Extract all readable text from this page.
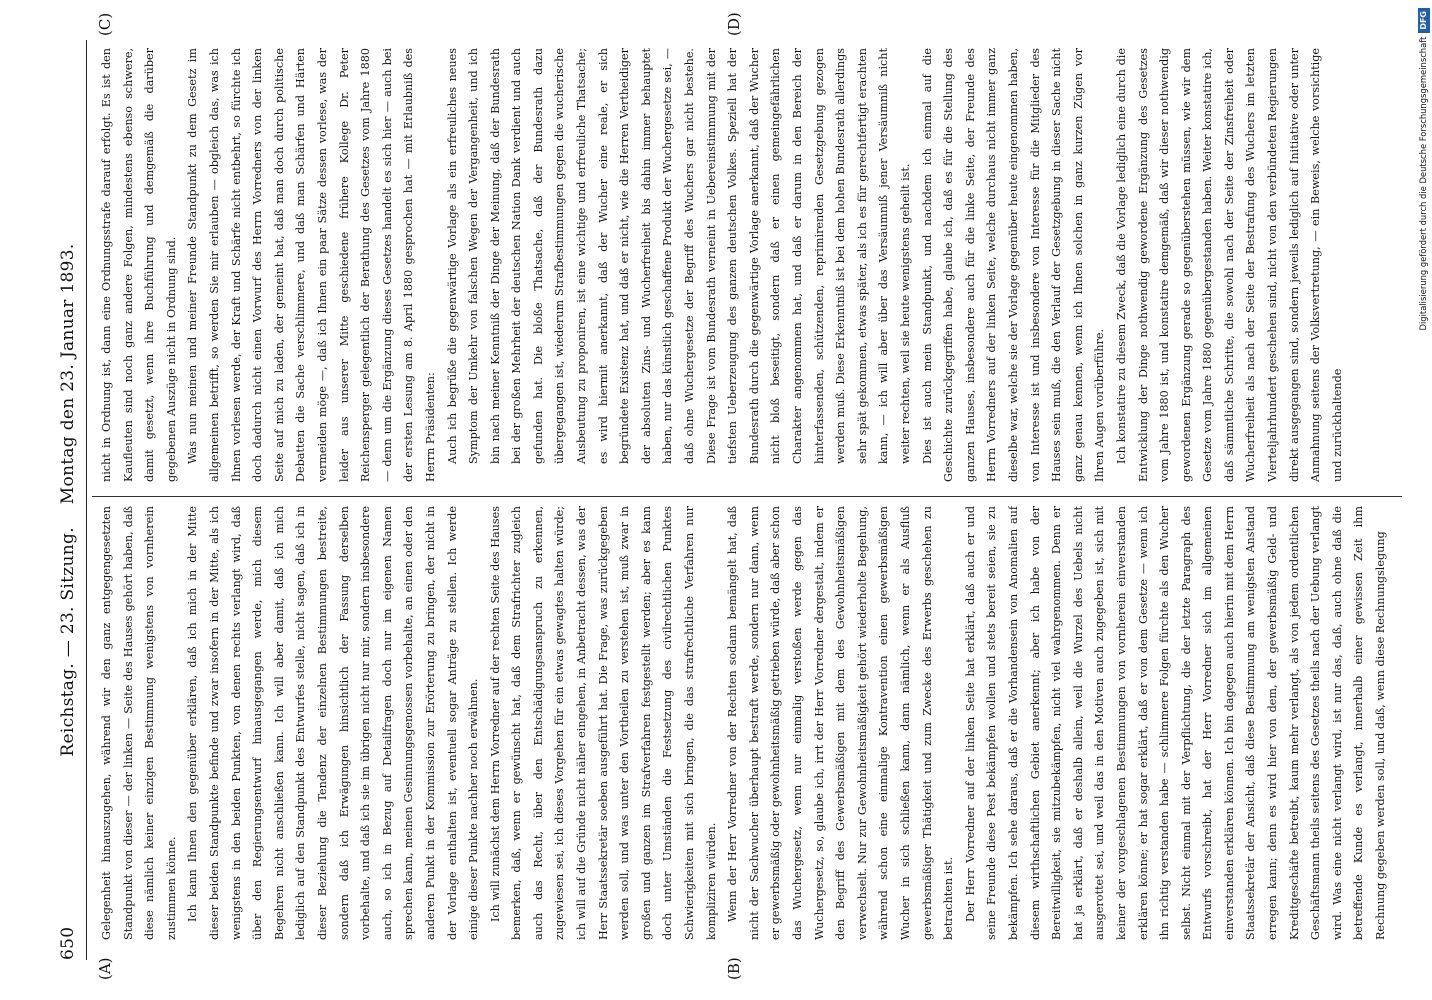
650
Reichstag. — 23. Sitzung.    Montag den 23. Januar 1893.
(A)	(B)
(C)	(D)

Gelegenheit hinauszugehen, während wir den ganz entgegengesetzten Standpunkt von dieser — der linken — Seite des Hauses gehört haben, daß diese nämlich keiner einzigen Bestimmung wenigstens von vornherein zustimmen könne. Ich kann Ihnen den gegenüber erklären, daß ich mich in der Mitte dieser beiden Standpunkte befinde und zwar insofern in der Mitte, als ich wenigstens in den beiden Punkten, von denen rechts verlangt wird, daß über den Regierungsentwurf hinausgegangen werde, mich diesem Begehren nicht anschließen kann. Ich will aber damit, daß ich mich lediglich auf den Standpunkt des Entwurfes stelle, nicht sagen, daß ich in dieser Beziehung die Tendenz der einzelnen Bestimmungen bestreite, sondern daß ich Erwägungen hinsichtlich der Fassung derselben vorbehalte, und daß ich sie im übrigen nicht nur mir, sondern insbesondere auch, so ich in Bezug auf Detailfragen doch nur im eigenen Namen sprechen kann, meinen Gesinnungsgenossen vorbehalte, an einen oder den anderen Punkt in der Kommission zur Erörterung zu bringen, der nicht in der Vorlage enthalten ist, eventuell sogar Anträge zu stellen. Ich werde einige dieser Punkte nachher noch erwähnen. Ich will zunächst dem Herrn Vorredner auf der rechten Seite des Hauses bemerken, daß, wenn er gewünscht hat, daß dem Strafrichter zugleich auch das Recht, über den Entschädigungsanspruch zu erkennen, zugewiesen sei, ich dieses Vorgehen für ein etwas gewagtes halten würde; ich will auf die Gründe nicht näher eingehen, in Anbetracht dessen, was der Herr Staatssekretär soeben ausgeführt hat. Die Frage, was zurückgegeben werden soll, und was unter den Vortheilen zu verstehen ist, muß zwar in großen und ganzen im Strafverfahren festgestellt werden; aber es kann doch unter Umständen die Festsetzung des civilrechtlichen Punktes Schwierigkeiten mit sich bringen, die das strafrechtliche Verfahren nur kompliziren würden. Wenn der Herr Vorredner von der Rechten sodann bemängelt hat, daß nicht der Sachwucher überhaupt bestraft werde, sondern nur dann, wenn er gewerbsmäßig oder gewohnheitsmäßig getrieben würde, daß aber schon das Wuchergesetz, wenn nur einmalig verstoßen werde gegen das Wuchergesetz, so, glaube ich, irrt der Herr Vorredner dergestalt, indem er den Begriff des Gewerbsmäßigen mit dem des Gewohnheitsmäßigen verwechselt. Nur zur Gewohnheitsmäßigkeit gehört wiederholte Begehung, während schon eine einmalige Kontravention einen gewerbsmäßigen Wucher in sich schließen kann, dann nämlich, wenn er als Ausfluß gewerbsmäßiger Thätigkeit und zum Zwecke des Erwerbs geschehen zu betrachten ist. Der Herr Vorredner auf der linken Seite hat erklärt, daß auch er und seine Freunde diese Pest bekämpfen wollen und stets bereit seien, sie zu bekämpfen. Ich sehe daraus, daß er die Vorhandensein von Anomalien auf diesem wirthschaftlichen Gebiet anerkennt; aber ich habe von der Bereitwilligkeit, sie mitzubekämpfen, nicht viel wahrgenommen. Denn er hat ja erklärt, daß er deshalb allein, weil die Wurzel des Uebels nicht ausgerottet sei, und weil das in den Motiven auch zugegeben ist, sich mit keiner der vorgeschlagenen Bestimmungen von vornherein einverstanden erklären könne; er hat sogar erklärt, daß er von dem Gesetze — wenn ich ihn richtig verstanden habe — schlimmere Folgen fürchte als den Wucher selbst. Nicht einmal mit der Verpflichtung, die der letzte Paragraph des Entwurfs vorschreibt, hat der Herr Vorredner sich im allgemeinen einverstanden erklären können. Ich bin dagegen auch hierin mit dem Herrn Staatssekretär der Ansicht, daß diese Bestimmung am wenigsten Anstand erregen kann; denn es wird hier von dem, der gewerbsmäßig Geld- und Kreditgeschäfte betreibt, kaum mehr verlangt, als von jedem ordentlichen Geschäftsmann theils seitens des Gesetzes theils nach der Uebung verlangt wird. Was eine nicht verlangt wird, ist nur das, daß, auch ohne daß die betreffende Kunde es verlangt, innerhalb einer gewissen Zeit ihm Rechnung gegeben werden soll, und daß, wenn diese Rechnungslegung

nicht in Ordnung ist, dann eine Ordnungsstrafe darauf erfolgt. Es ist den Kaufleuten sind noch ganz andere Folgen, mindestens ebenso schwere, damit gesetzt, wenn ihre Buchführung und demgemäß die darüber gegebenen Auszüge nicht in Ordnung sind. Was nun meinen und meiner Freunde Standpunkt zu dem Gesetz im allgemeinen betrifft, so werden Sie mir erlauben — obgleich das, was ich Ihnen vorlesen werde, der Kraft und Schärfe nicht entbehrt, so fürchte ich doch dadurch nicht einen Vorwurf des Herrn Vorredners von der linken Seite auf mich zu laden, der gemeint hat, daß man doch durch politische Debatten die Sache verschlimmere, und daß man Schärfen und Härten vermeiden möge —, daß ich Ihnen ein paar Sätze dessen vorlese, was der leider aus unserer Mitte geschiedene frühere Kollege Dr. Peter Reichensperger gelegentlich der Berathung des Gesetzes vom Jahre 1880 — denn um die Ergänzung dieses Gesetzes handelt es sich hier — auch bei der ersten Lesung am 8. April 1880 gesprochen hat — mit Erlaubniß des Herrn Präsidenten: Auch ich begrüße die gegenwärtige Vorlage als ein erfreuliches neues Symptom der Umkehr von falschen Wegen der Vergangenheit, und ich bin nach meiner Kenntniß der Dinge der Meinung, daß der Bundesrath bei der großen Mehrheit der deutschen Nation Dank verdient und auch gefunden hat. Die bloße Thatsache, daß der Bundesrath dazu übergegangen ist, wiederum Strafbestimmungen gegen die wucherische Ausbeutung zu proponiren, ist eine wichtige und erfreuliche Thatsache; es wird hiermit anerkannt, daß der Wucher eine reale, er sich begründete Existenz hat, und daß er nicht, wie die Herren Vertheidiger der absoluten Zins- und Wucherfreiheit bis dahin immer behauptet haben, nur das künstlich geschaffene Produkt der Wuchergesetze sei, — daß ohne Wuchergesetze der Begriff des Wuchers gar nicht bestehe. Diese Frage ist vom Bundesrath verneint in Uebereinstimmung mit der tiefsten Ueberzeugung des ganzen deutschen Volkes. Speziell hat der Bundesrath durch die gegenwärtige Vorlage anerkannt, daß der Wucher nicht bloß beseitigt, sondern daß er einen gemeingefährlichen Charakter angenommen hat, und daß er darum in den Bereich der hinterfassenden, schützenden, reprimirenden Gesetzgebung gezogen werden muß. Diese Erkenntniß ist bei dem hohen Bundesrath allerdings sehr spät gekommen, etwas später, als ich es für gerechtfertigt erachten kann, — ich will aber über das Versäumniß jener Versäumniß nicht weiter rechten, weil sie heute wenigstens geheilt ist. Dies ist auch mein Standpunkt, und nachdem ich einmal auf die Geschichte zurückgegriffen habe, glaube ich, daß es für die Stellung des ganzen Hauses, insbesondere auch für die linke Seite, der Freunde des Herrn Vorredners auf der linken Seite, welche durchaus nicht immer ganz dieselbe war, welche sie der Vorlage gegenüber heute eingenommen haben, von Interesse ist und insbesondere von Interesse für die Mitglieder des Hauses sein muß, die den Verlauf der Gesetzgebung in dieser Sache nicht ganz genau kennen, wenn ich Ihnen solchen in ganz kurzen Zügen vor Ihren Augen vorüberführe. Ich konstatire zu diesem Zweck, daß die Vorlage lediglich eine durch die Entwicklung der Dinge nothwendig gewordene Ergänzung des Gesetzes vom Jahre 1880 ist, und konstatire demgemäß, daß wir dieser nothwendig gewordenen Ergänzung gerade so gegenüberstehen müssen, wie wir dem Gesetze vom Jahre 1880 gegenübergestanden haben. Weiter konstatire ich, daß sämmtliche Schritte, die sowohl nach der Seite der Zinsfreiheit oder Wucherfreiheit als nach der Seite der Bestrafung des Wuchers im letzten Vierteljahrhundert geschehen sind, nicht von den verbündeten Regierungen direkt ausgegangen sind, sondern jeweils lediglich auf Initiative oder unter Anmahnung seitens der Volksvertretung, — ein Beweis, welche vorsichtige und zurückhaltende

Digitalisierung gefördert durch die Deutsche ForschungsgemeinschaftDFG
